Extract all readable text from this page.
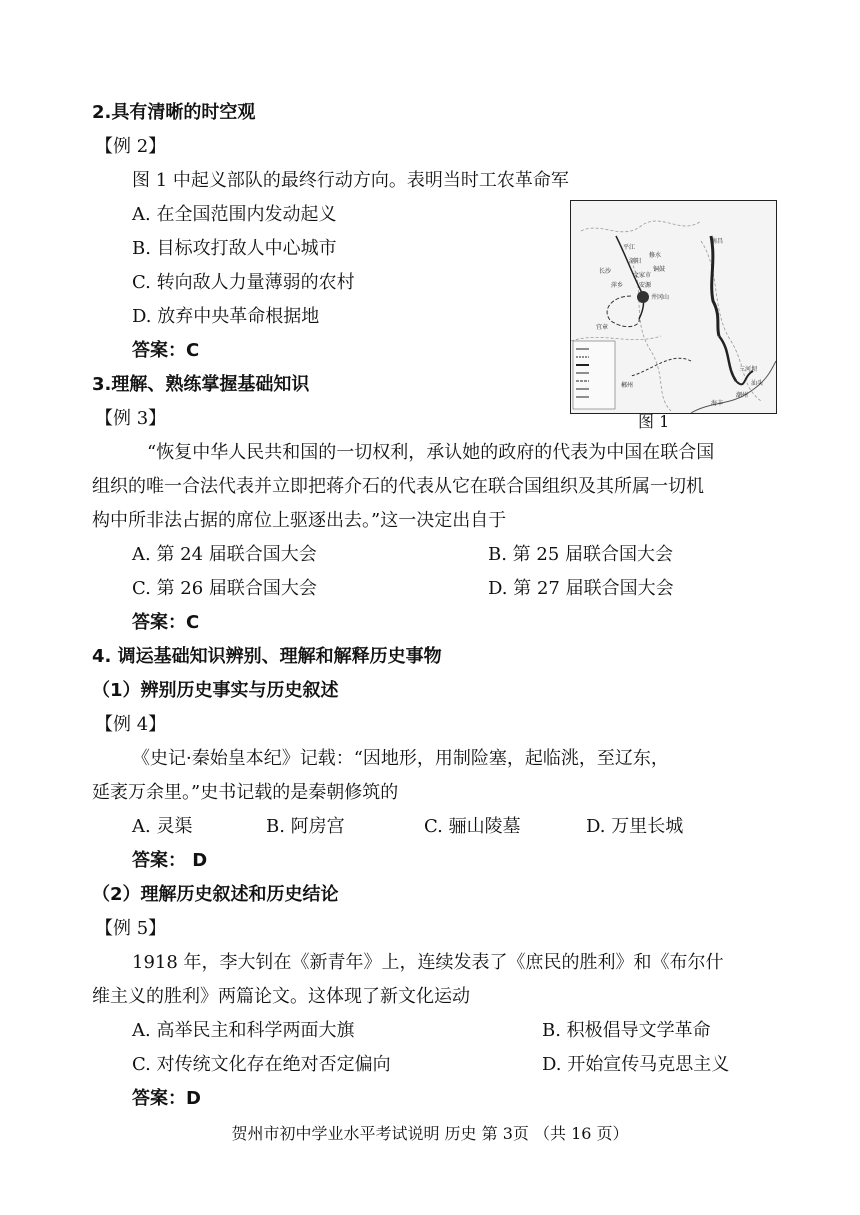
2.具有清晰的时空观
【例 2】
图 1 中起义部队的最终行动方向。表明当时工农革命军
A. 在全国范围内发动起义
B. 目标攻打敌人中心城市
C. 转向敌人力量薄弱的农村
D. 放弃中央革命根据地
答案：C
平江
修水
铜鼓
浏阳
文家市
长沙
萍乡	安源
南昌
宜章
郴州
三河坝
潮州
汕头
海丰
井冈山
图 1
3.理解、熟练掌握基础知识
【例 3】
“恢复中华人民共和国的一切权利，承认她的政府的代表为中国在联合国
组织的唯一合法代表并立即把蒋介石的代表从它在联合国组织及其所属一切机
构中所非法占据的席位上驱逐出去。”这一决定出自于
A. 第 24 届联合国大会	B. 第 25 届联合国大会
C. 第 26 届联合国大会	D. 第 27 届联合国大会
答案：C
4. 调运基础知识辨别、理解和解释历史事物
（1）辨别历史事实与历史叙述
【例 4】
《史记·秦始皇本纪》记载：“因地形，用制险塞，起临洮，至辽东，
延袤万余里。”史书记载的是秦朝修筑的
A. 灵渠	B. 阿房宫	C. 骊山陵墓	D. 万里长城
答案： D
（2）理解历史叙述和历史结论
【例 5】
1918 年，李大钊在《新青年》上，连续发表了《庶民的胜利》和《布尔什
维主义的胜利》两篇论文。这体现了新文化运动
A. 高举民主和科学两面大旗	B. 积极倡导文学革命
C. 对传统文化存在绝对否定偏向	D. 开始宣传马克思主义
答案：D
贺州市初中学业水平考试说明 历史 第 3页 （共 16 页）
